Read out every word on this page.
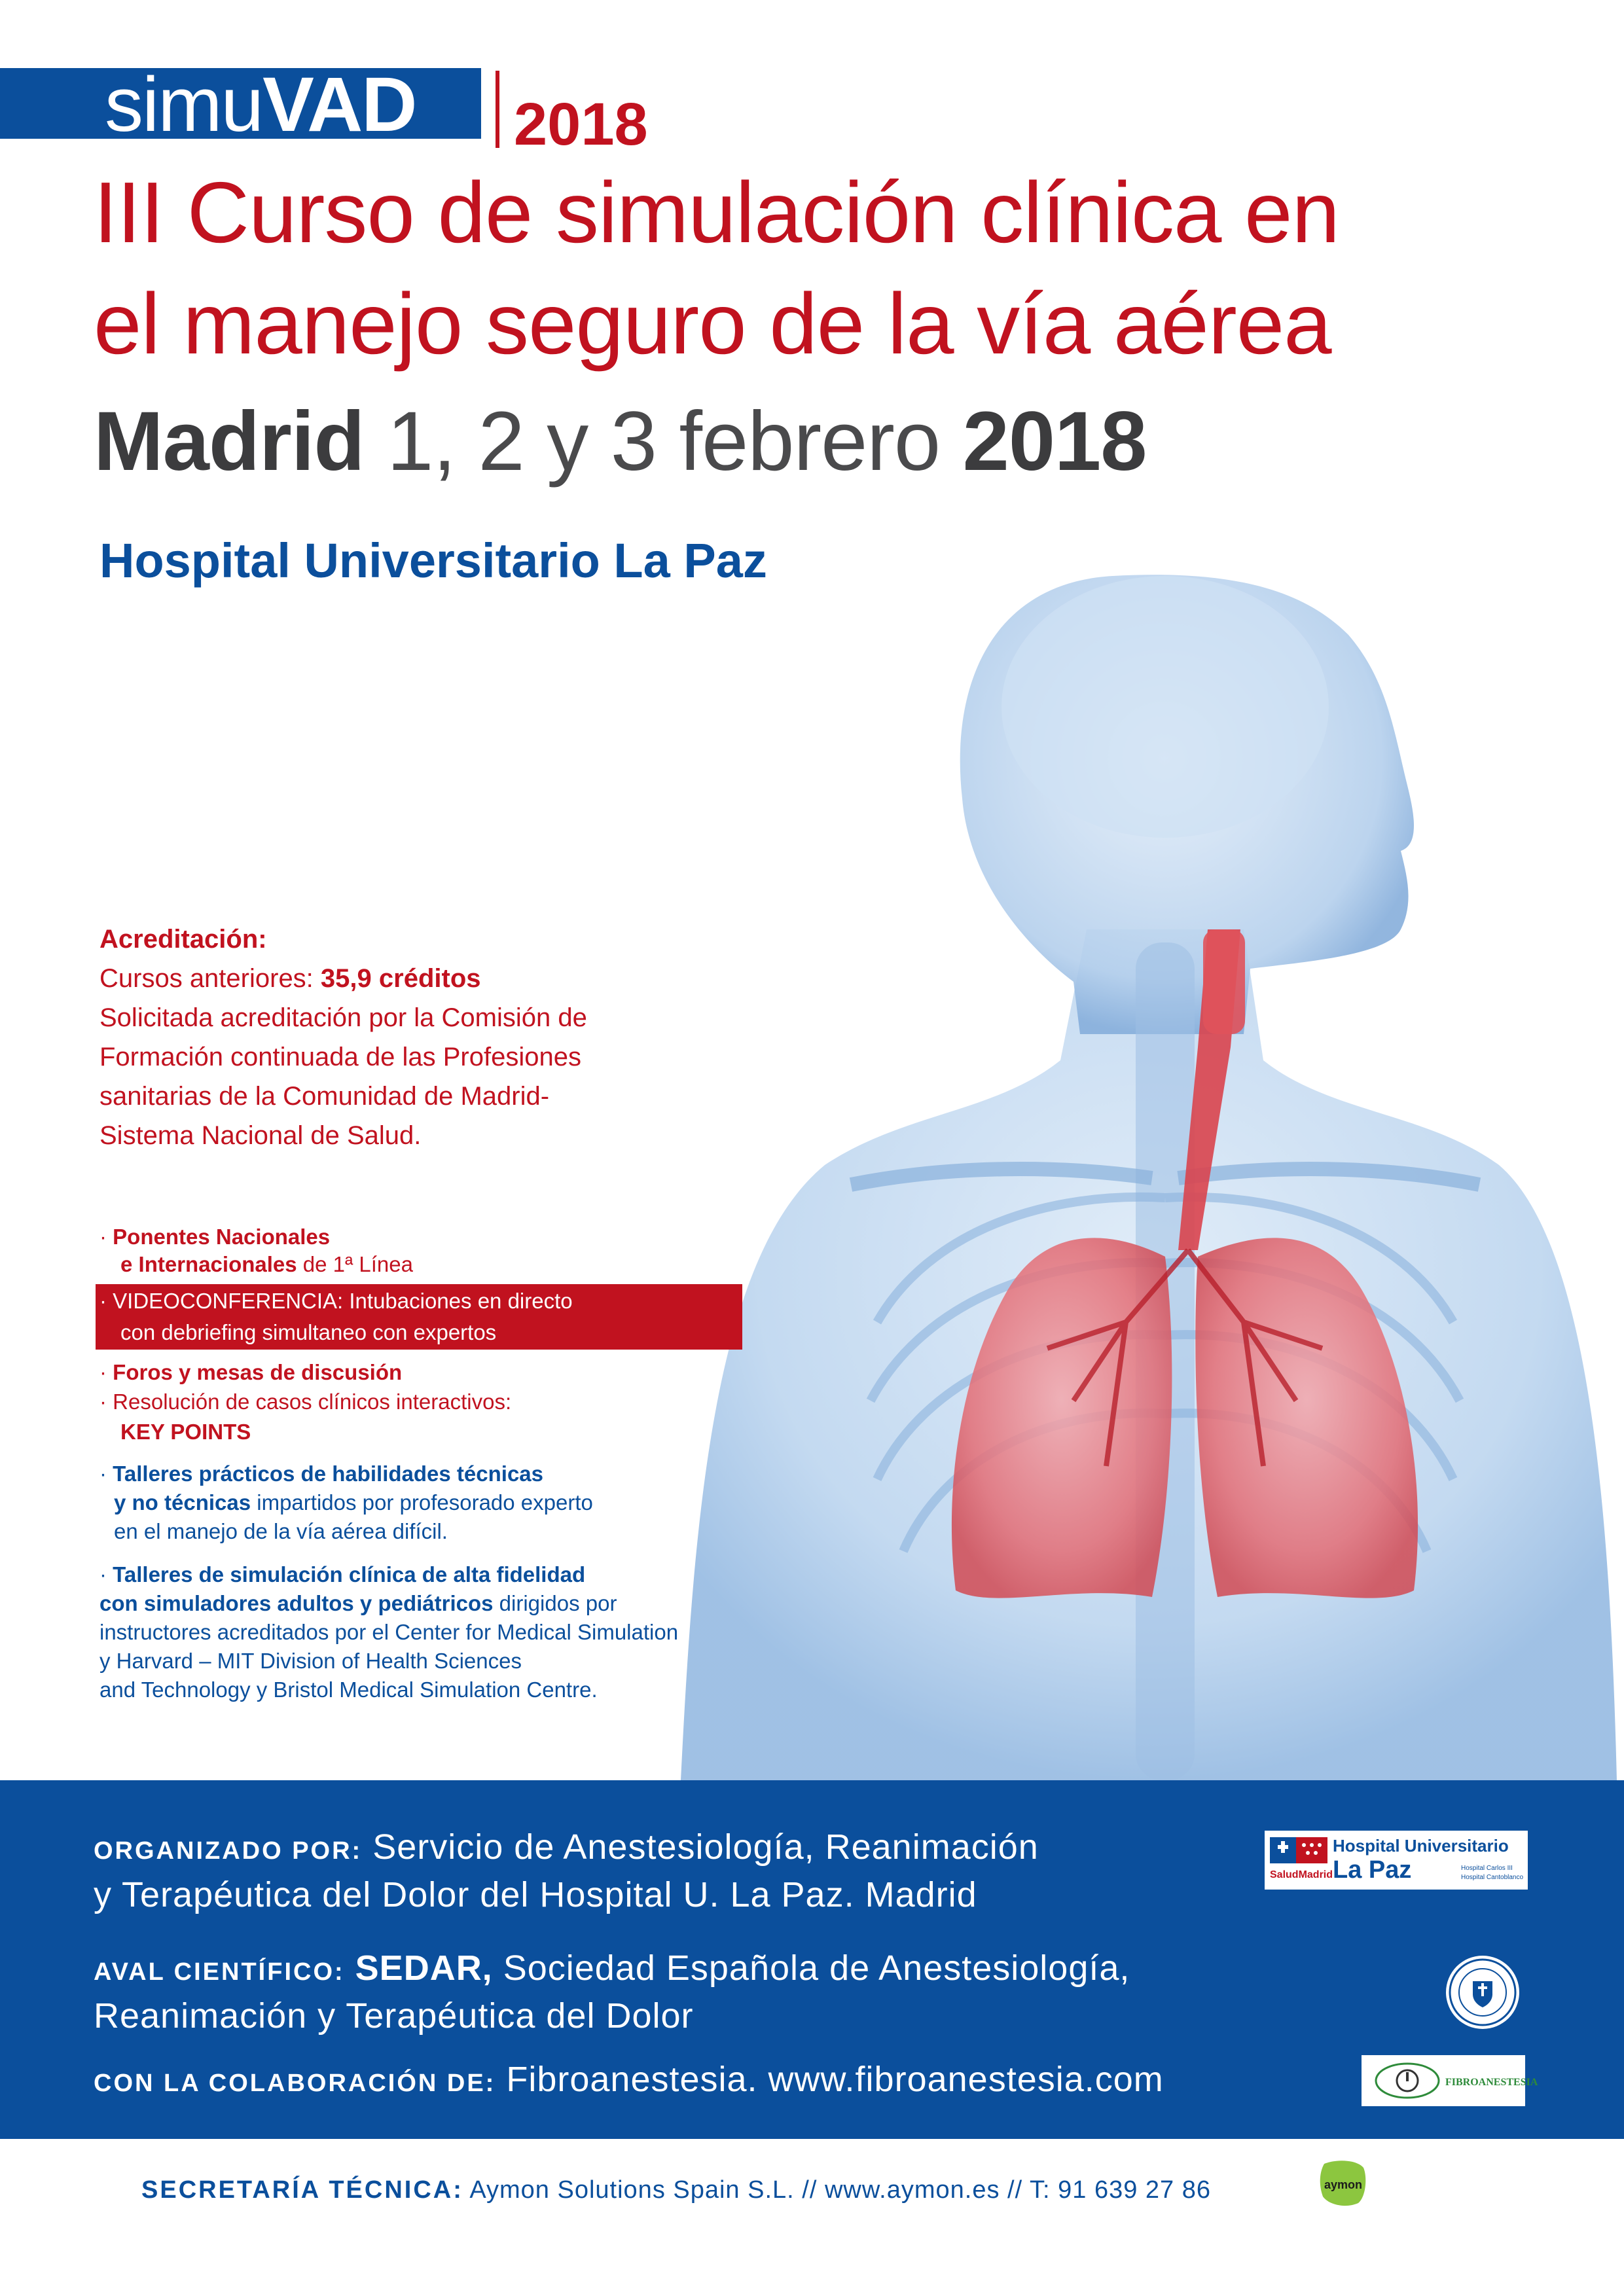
simuVAD 2018
III Curso de simulación clínica en
el manejo seguro de la vía aérea
Madrid 1, 2 y 3 febrero 2018
Hospital Universitario La Paz
Acreditación:
Cursos anteriores: 35,9 créditos
Solicitada acreditación por la Comisión de
Formación continuada de las Profesiones
sanitarias de la Comunidad de Madrid-
Sistema Nacional de Salud.
· Ponentes Nacionales
e Internacionales de 1ª Línea
· VIDEOCONFERENCIA: Intubaciones en directo
con debriefing simultaneo con expertos
· Foros y mesas de discusión
· Resolución de casos clínicos interactivos:
KEY POINTS
· Talleres prácticos de habilidades técnicas
y no técnicas impartidos por profesorado experto
en el manejo de la vía aérea difícil.
· Talleres de simulación clínica de alta fidelidad
con simuladores adultos y pediátricos dirigidos por
instructores acreditados por el Center for Medical Simulation
y Harvard – MIT Division of Health Sciences
and Technology y Bristol Medical Simulation Centre.
ORGANIZADO POR: Servicio de Anestesiología, Reanimación
y Terapéutica del Dolor del Hospital U. La Paz. Madrid
AVAL CIENTÍFICO: SEDAR, Sociedad Española de Anestesiología,
Reanimación y Terapéutica del Dolor
CON LA COLABORACIÓN DE: Fibroanestesia. www.fibroanestesia.com
SaludMadrid
Hospital Universitario
La Paz	Hospital Carlos III
Hospital Cantoblanco
FIBROANESTESIA
SECRETARÍA TÉCNICA: Aymon Solutions Spain S.L. // www.aymon.es // T: 91 639 27 86	aymon
